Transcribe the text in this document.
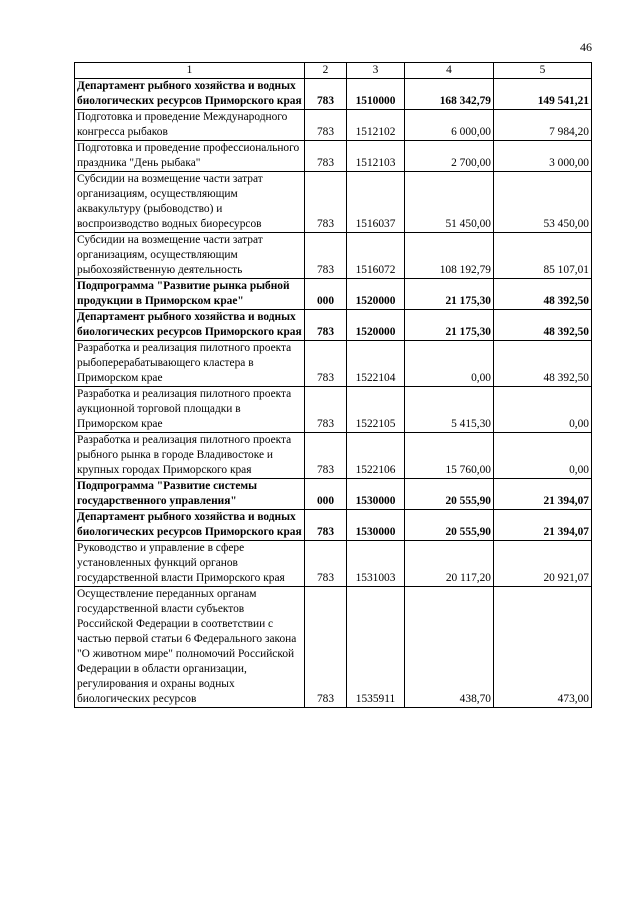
46
1	2	3	4	5
Департамент рыбного хозяйства и водных биологических ресурсов Приморского края	783	1510000	168 342,79	149 541,21
Подготовка и проведение Международного конгресса рыбаков	783	1512102	6 000,00	7 984,20
Подготовка и проведение профессионального праздника "День рыбака"	783	1512103	2 700,00	3 000,00
Субсидии на возмещение части затрат организациям, осуществляющим аквакультуру (рыбоводство) и воспроизводство водных биоресурсов	783	1516037	51 450,00	53 450,00
Субсидии на возмещение части затрат организациям, осуществляющим рыбохозяйственную деятельность	783	1516072	108 192,79	85 107,01
Подпрограмма "Развитие рынка рыбной продукции в Приморском крае"	000	1520000	21 175,30	48 392,50
Департамент рыбного хозяйства и водных биологических ресурсов Приморского края	783	1520000	21 175,30	48 392,50
Разработка и реализация пилотного проекта рыбоперерабатывающего кластера в Приморском крае	783	1522104	0,00	48 392,50
Разработка и реализация пилотного проекта аукционной торговой площадки в Приморском крае	783	1522105	5 415,30	0,00
Разработка и реализация пилотного проекта рыбного рынка в городе Владивостоке и крупных городах Приморского края	783	1522106	15 760,00	0,00
Подпрограмма "Развитие системы государственного управления"	000	1530000	20 555,90	21 394,07
Департамент рыбного хозяйства и водных биологических ресурсов Приморского края	783	1530000	20 555,90	21 394,07
Руководство и управление в сфере установленных функций органов государственной власти Приморского края	783	1531003	20 117,20	20 921,07
Осуществление переданных органам государственной власти субъектов Российской Федерации в соответствии с частью первой статьи 6 Федерального закона "О животном мире" полномочий Российской Федерации в области организации, регулирования и охраны водных биологических ресурсов	783	1535911	438,70	473,00
